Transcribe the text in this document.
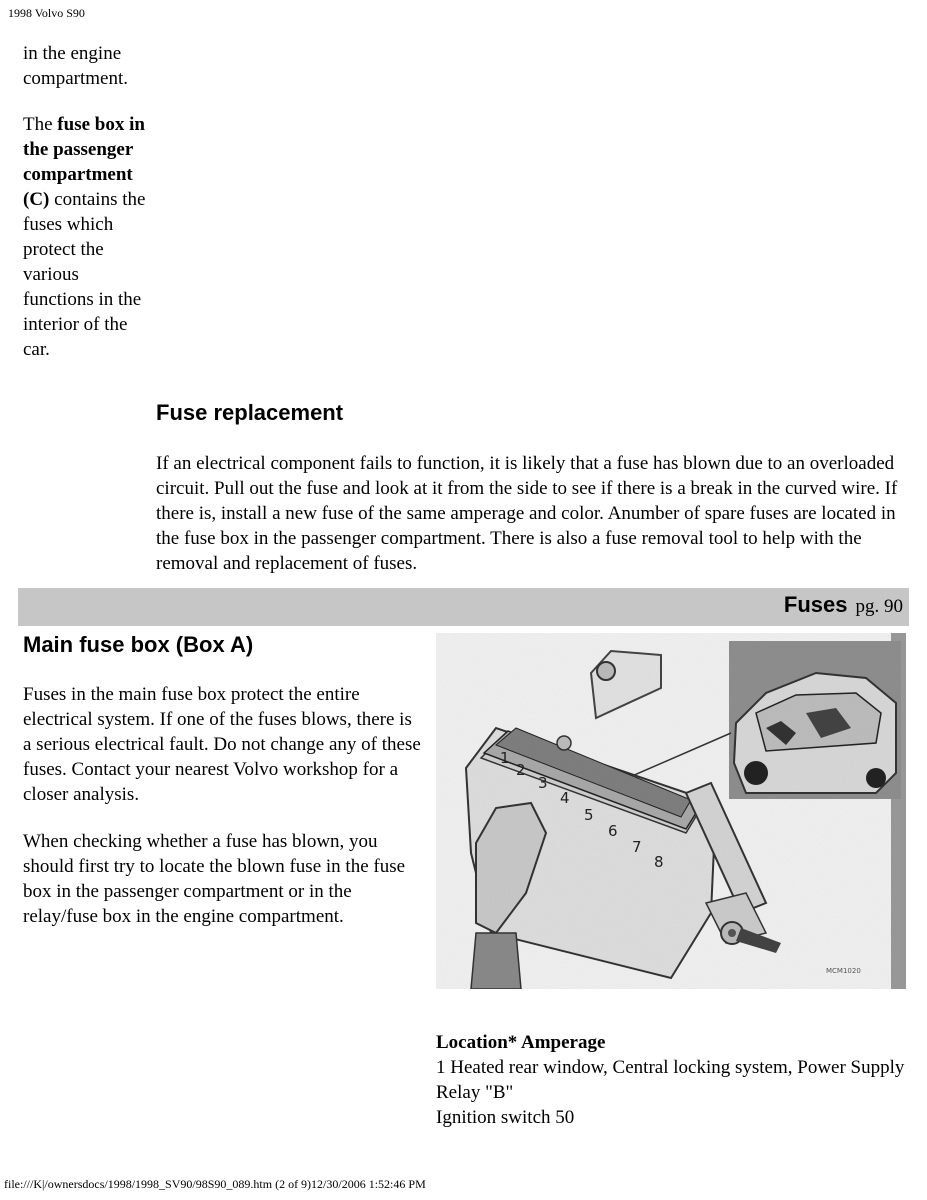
1998 Volvo S90
in the engine compartment.
The fuse box in the passenger compartment (C) contains the fuses which protect the various functions in the interior of the car.
Fuse replacement
If an electrical component fails to function, it is likely that a fuse has blown due to an overloaded circuit. Pull out the fuse and look at it from the side to see if there is a break in the curved wire. If there is, install a new fuse of the same amperage and color. Anumber of spare fuses are located in the fuse box in the passenger compartment. There is also a fuse removal tool to help with the removal and replacement of fuses.
Fuses pg. 90
Main fuse box (Box A)
Fuses in the main fuse box protect the entire electrical system. If one of the fuses blows, there is a serious electrical fault. Do not change any of these fuses. Contact your nearest Volvo workshop for a closer analysis.
When checking whether a fuse has blown, you should first try to locate the blown fuse in the fuse box in the passenger compartment or in the relay/fuse box in the engine compartment.
1
2
3
4
5
6
7
8
MCM1020
Location* Amperage
1 Heated rear window, Central locking system, Power Supply Relay "B"
Ignition switch 50
file:///K|/ownersdocs/1998/1998_SV90/98S90_089.htm (2 of 9)12/30/2006 1:52:46 PM
